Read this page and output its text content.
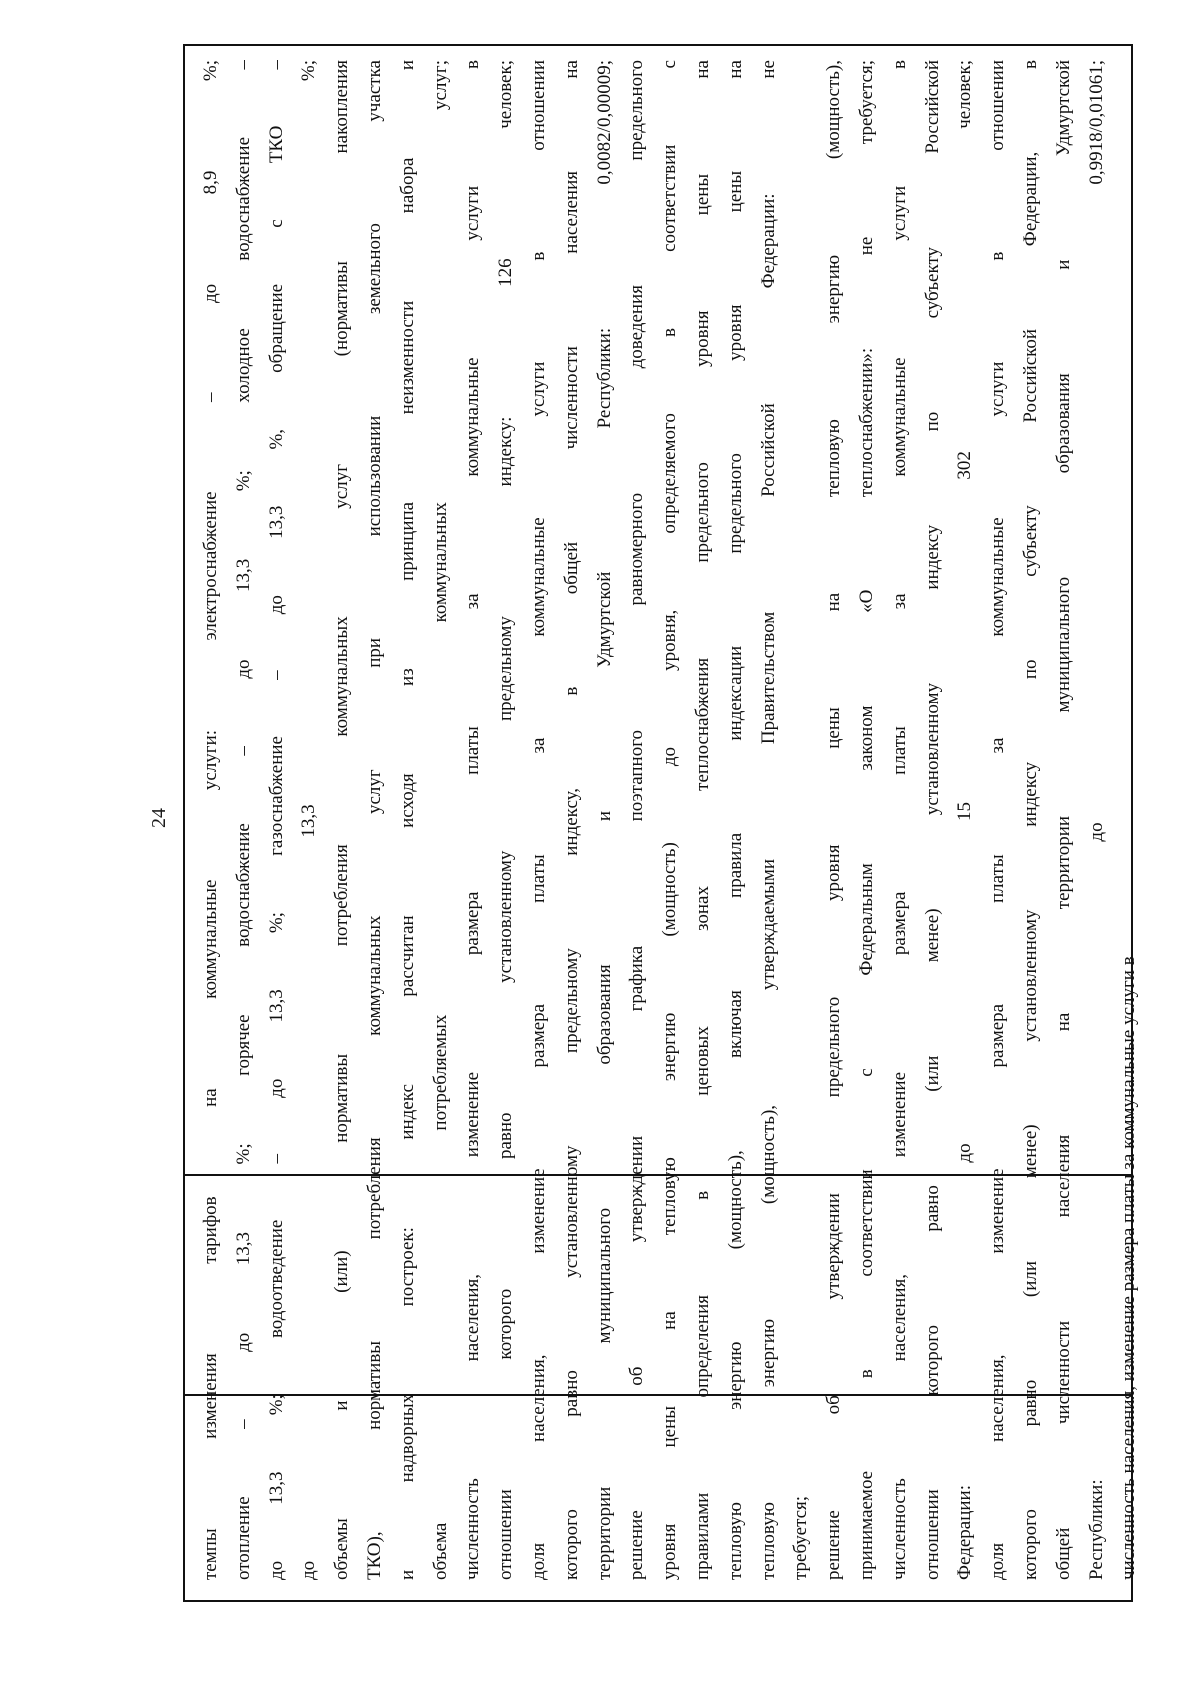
24 темпы изменения тарифов на коммунальные услуги: электроснабжение – до 8,9 %; отопление – до 13,3 %; горячее водоснабжение – до 13,3 %; холодное водоснабжение – до 13,3 %; водоотведение – до 13,3 %; газоснабжение – до 13,3 %, обращение с ТКО – до 13,3 %; объемы и (или) нормативы потребления коммунальных услуг (нормативы накопления ТКО), нормативы потребления коммунальных услуг при использовании земельного участка и надворных построек: индекс рассчитан исходя из принципа неизменности набора и объема потребляемых коммунальных услуг; численность населения, изменение размера платы за коммунальные услуги в отношении которого равно установленному предельному индексу: 126 человек; доля населения, изменение размера платы за коммунальные услуги в отношении которого равно установленному предельному индексу, в общей численности населения на территории муниципального образования и Удмуртской Республики: 0,0082/0,00009; решение об утверждении графика поэтапного равномерного доведения предельного уровня цены на тепловую энергию (мощность) до уровня, определяемого в соответствии с правилами определения в ценовых зонах теплоснабжения предельного уровня цены на тепловую энергию (мощность), включая правила индексации предельного уровня цены на тепловую энергию (мощность), утверждаемыми Правительством Российской Федерации: не требуется; решение об утверждении предельного уровня цены на тепловую энергию (мощность), принимаемое в соответствии с Федеральным законом «О теплоснабжении»: не требуется; численность населения, изменение размера платы за коммунальные услуги в отношении которого равно (или менее) установленному индексу по субъекту Российской Федерации: до 15 302 человек; доля населения, изменение размера платы за коммунальные услуги в отношении которого равно (или менее) установленному индексу по субъекту Российской Федерации, в общей численности населения на территории муниципального образования и Удмуртской Республики: до 0,9918/0,01061; численность населения, изменение размера платы за коммунальные услуги в
